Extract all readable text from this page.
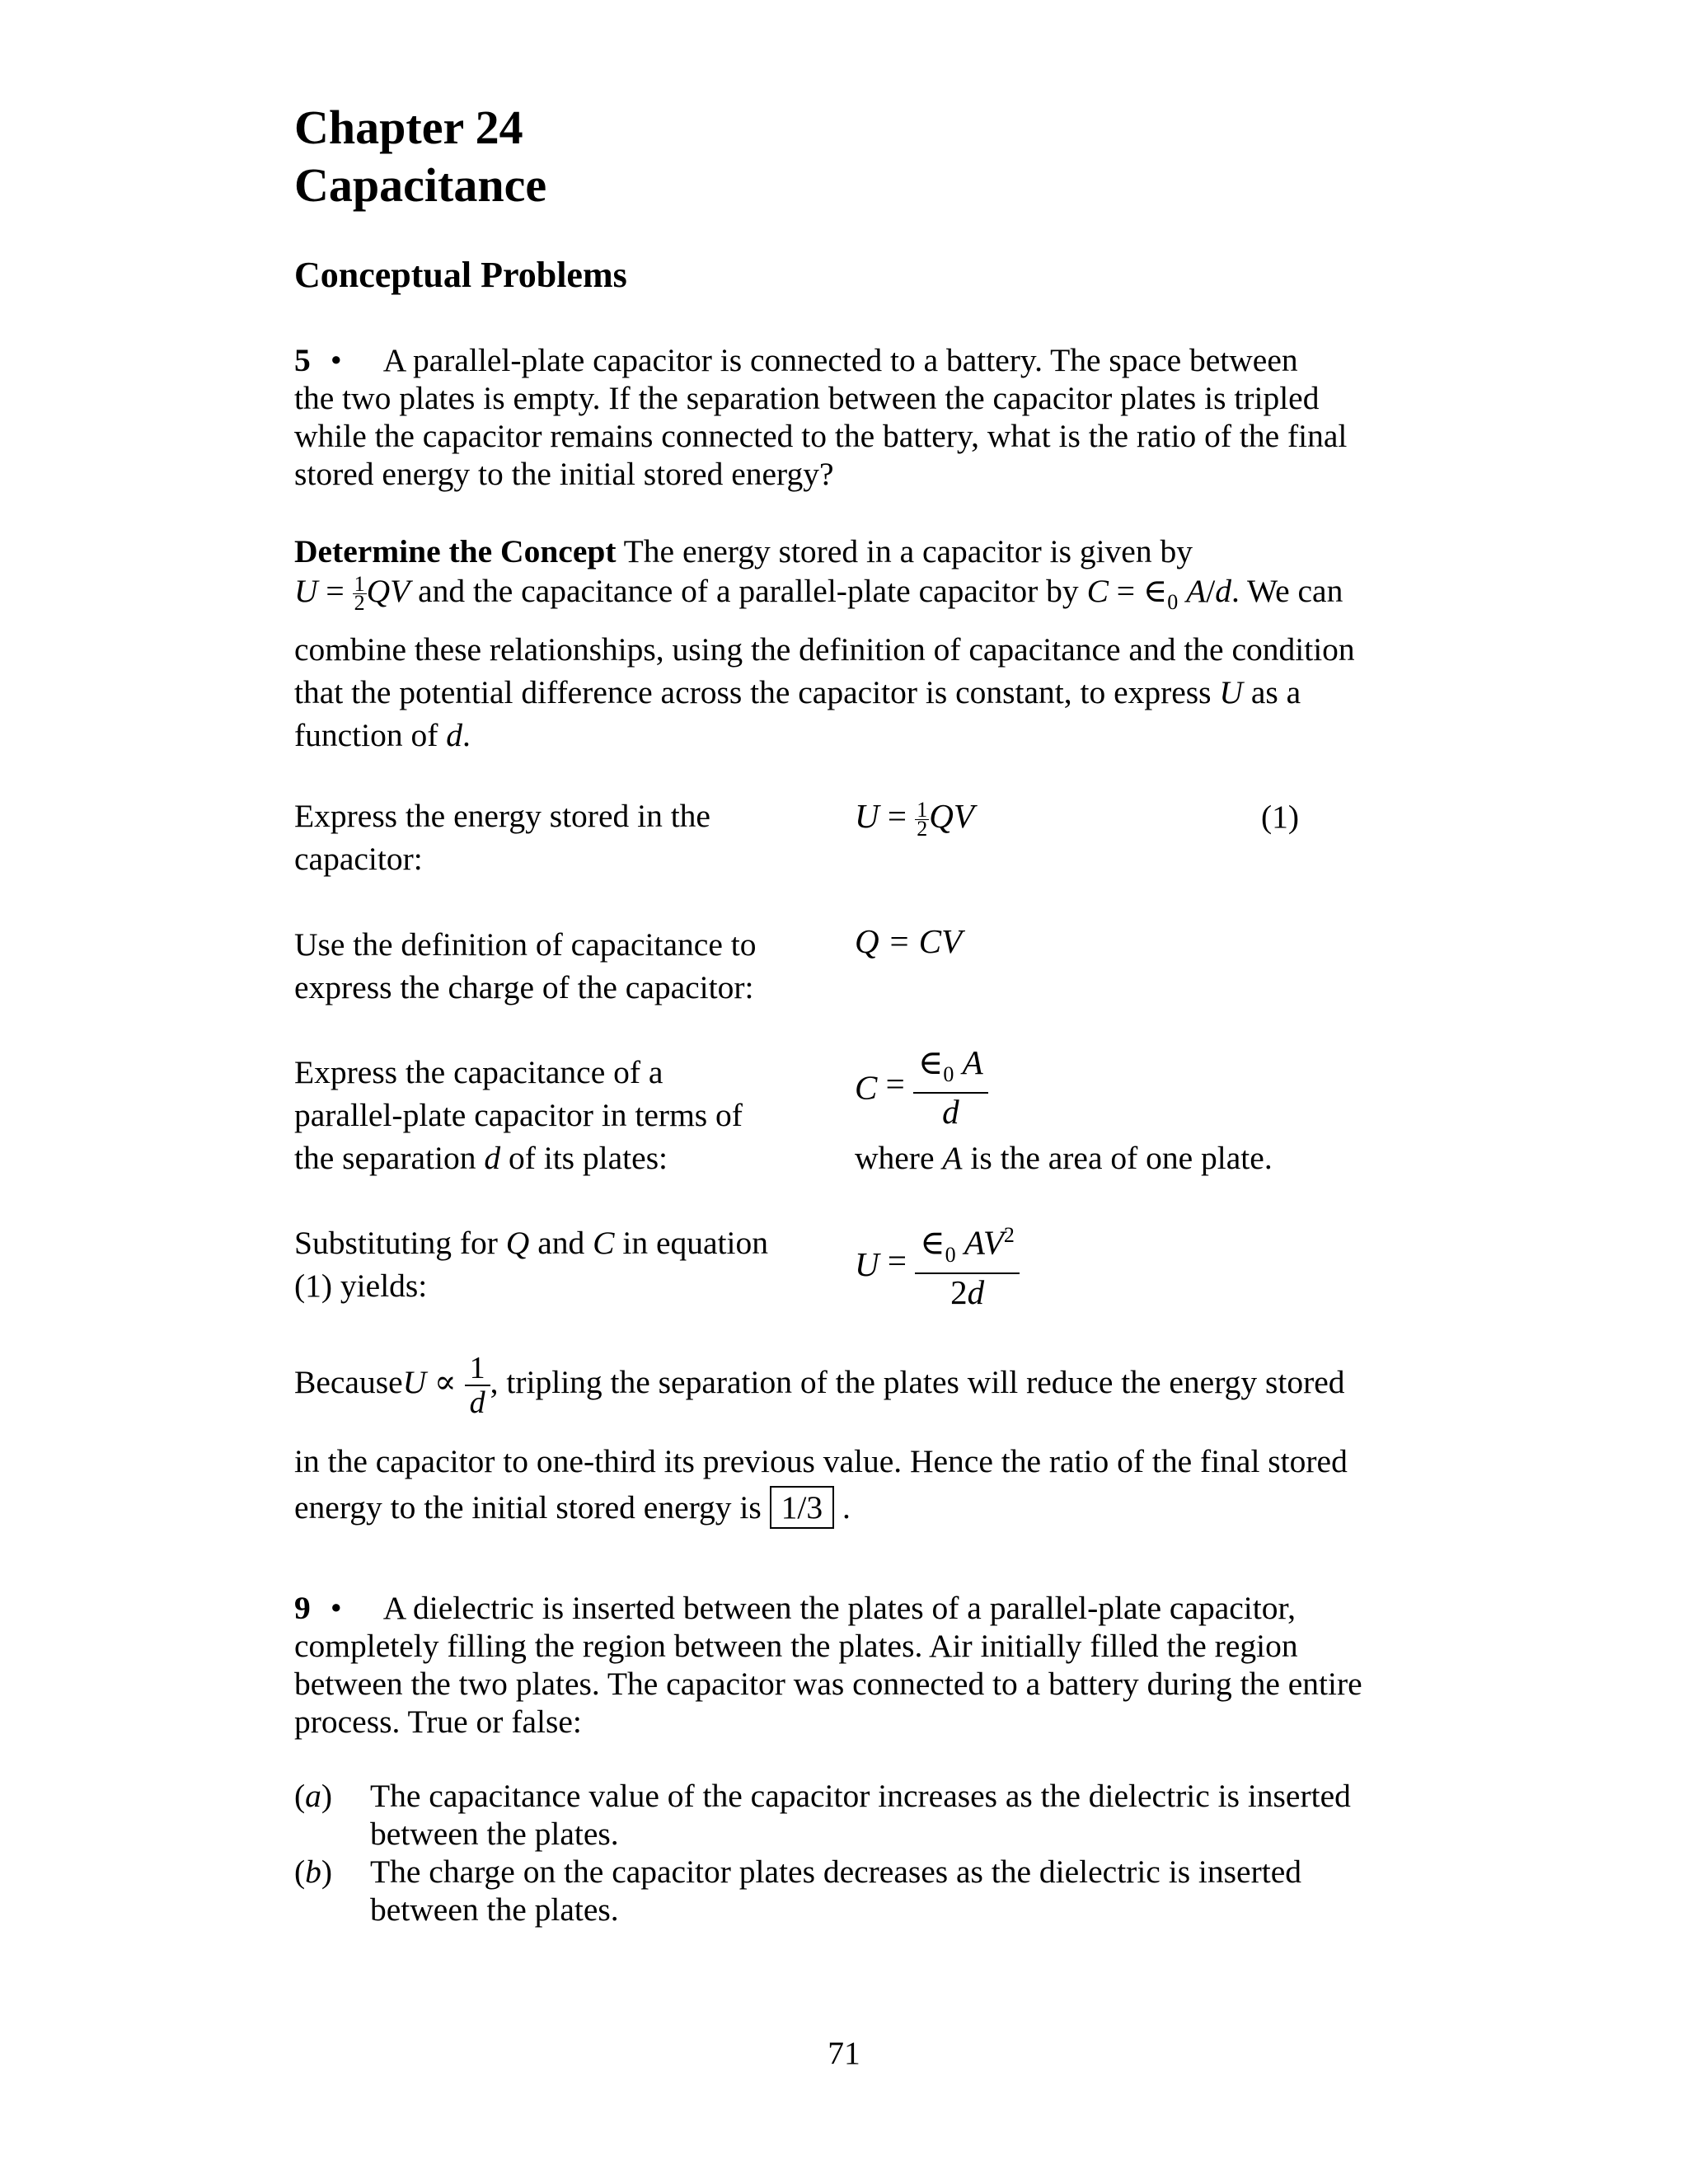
Chapter 24
Capacitance
Conceptual Problems
5 • A parallel-plate capacitor is connected to a battery. The space between
the two plates is empty. If the separation between the capacitor plates is tripled
while the capacitor remains connected to the battery, what is the ratio of the final
stored energy to the initial stored energy?
Determine the Concept The energy stored in a capacitor is given by
$U = \frac{1}{2}$ QV and the capacitance of a parallel-plate capacitor by $C = \in_0$ A/d. We can
combine these relationships, using the definition of capacitance and the condition
that the potential difference across the capacitor is constant, to express U as a
function of d.
Express the energy stored in the
capacitor:
$U = \frac{1}{2}$ QV	(1)
Use the definition of capacitance to
express the charge of the capacitor:
Q = CV
Express the capacitance of a
parallel-plate capacitor in terms of
the separation d of its plates:
$C = \frac{\in_0 A}{d}$
where A is the area of one plate.
Substituting for Q and C in equation
(1) yields:
$U = \frac{\in_0 AV^2}{2d}$
BecauseU ∝ $\frac{1}{d}$ , tripling the separation of the plates will reduce the energy stored
in the capacitor to one-third its previous value. Hence the ratio of the final stored
energy to the initial stored energy is 1/3 .
9 • A dielectric is inserted between the plates of a parallel-plate capacitor,
completely filling the region between the plates. Air initially filled the region
between the two plates. The capacitor was connected to a battery during the entire
process. True or false:
(a)	The capacitance value of the capacitor increases as the dielectric is inserted
between the plates.
(b)	The charge on the capacitor plates decreases as the dielectric is inserted
between the plates.
71
